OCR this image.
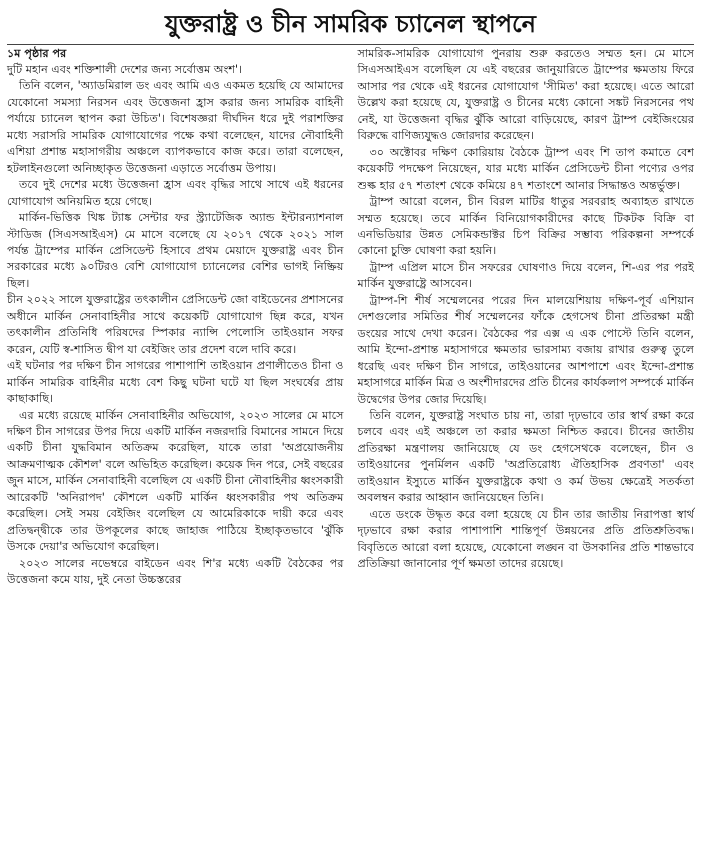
যুক্তরাষ্ট্র ও চীন সামরিক চ্যানেল স্থাপনে
১ম পৃষ্ঠার পর

দুটি মহান এবং শক্তিশালী দেশের জন্য সর্বোত্তম অংশ'।

তিনি বলেন, 'অ্যাডমিরাল ডং এবং আমি এও একমত হয়েছি যে আমাদের যেকোনো সমস্যা নিরসন এবং উত্তেজনা হ্রাস করার জন্য সামরিক বাহিনী পর্যায়ে চ্যানেল স্থাপন করা উচিত'। বিশেষজ্ঞরা দীর্ঘদিন ধরে দুই পরাশক্তির মধ্যে সরাসরি সামরিক যোগাযোগের পক্ষে কথা বলেছেন, যাদের নৌবাহিনী এশিয়া প্রশান্ত মহাসাগরীয় অঞ্চলে ব্যাপকভাবে কাজ করে। তারা বলেছেন, হটলাইনগুলো অনিচ্ছাকৃত উত্তেজনা এড়াতে সর্বোত্তম উপায়।

তবে দুই দেশের মধ্যে উত্তেজনা হ্রাস এবং বৃদ্ধির সাথে সাথে এই ধরনের যোগাযোগ অনিয়মিত হয়ে গেছে।

মার্কিন-ভিত্তিক থিঙ্ক ট্যাঙ্ক সেন্টার ফর স্ট্র্যাটেজিক অ্যান্ড ইন্টারন্যাশনাল স্টাডিজ (সিএসআইএস) মে মাসে বলেছে যে ২০১৭ থেকে ২০২১ সাল পর্যন্ত ট্রাম্পের মার্কিন প্রেসিডেন্ট হিসাবে প্রথম মেয়াদে যুক্তরাষ্ট্র এবং চীন সরকারের মধ্যে ৯০টিরও বেশি যোগাযোগ চ্যানেলের বেশির ভাগই নিষ্ক্রিয় ছিল।

চীন ২০২২ সালে যুক্তরাষ্ট্রের তৎকালীন প্রেসিডেন্ট জো বাইডেনের প্রশাসনের অধীনে মার্কিন সেনাবাহিনীর সাথে কয়েকটি যোগাযোগ ছিন্ন করে, যখন তৎকালীন প্রতিনিধি পরিষদের স্পিকার ন্যান্সি পেলোসি তাইওয়ান সফর করেন, যেটি স্ব-শাসিত দ্বীপ যা বেইজিং তার প্রদেশ বলে দাবি করে।

এই ঘটনার পর দক্ষিণ চীন সাগরের পাশাপাশি তাইওয়ান প্রণালীতেও চীনা ও মার্কিন সামরিক বাহিনীর মধ্যে বেশ কিছু ঘটনা ঘটে যা ছিল সংঘর্ষের প্রায় কাছাকাছি।

এর মধ্যে রয়েছে মার্কিন সেনাবাহিনীর অভিযোগ, ২০২৩ সালের মে মাসে দক্ষিণ চীন সাগরের উপর দিয়ে একটি মার্কিন নজরদারি বিমানের সামনে দিয়ে একটি চীনা যুদ্ধবিমান অতিক্রম করেছিল, যাকে তারা 'অপ্রয়োজনীয় আক্রমণাত্মক কৌশল' বলে অভিহিত করেছিল। কয়েক দিন পরে, সেই বছরের জুন মাসে, মার্কিন সেনাবাহিনী বলেছিল যে একটি চীনা নৌবাহিনীর ধ্বংসকারী আরেকটি 'অনিরাপদ' কৌশলে একটি মার্কিন ধ্বংসকারীর পথ অতিক্রম করেছিল। সেই সময় বেইজিং বলেছিল যে আমেরিকাকে দায়ী করে এবং প্রতিদ্বন্দ্বীকে তার উপকূলের কাছে জাহাজ পাঠিয়ে ইচ্ছাকৃতভাবে 'ঝুঁকি উসকে দেয়া'র অভিযোগ করেছিল।

২০২৩ সালের নভেম্বরে বাইডেন এবং শি'র মধ্যে একটি বৈঠকের পর উত্তেজনা কমে যায়, দুই নেতা উচ্চস্তরের

সামরিক-সামরিক যোগাযোগ পুনরায় শুরু করতেও সম্মত হন। মে মাসে সিএসআইএস বলেছিল যে এই বছরের জানুয়ারিতে ট্রাম্পের ক্ষমতায় ফিরে আসার পর থেকে এই ধরনের যোগাযোগ 'সীমিত' করা হয়েছে। এতে আরো উল্লেখ করা হয়েছে যে, যুক্তরাষ্ট্র ও চীনের মধ্যে কোনো সঙ্কট নিরসনের পথ নেই, যা উত্তেজনা বৃদ্ধির ঝুঁকি আরো বাড়িয়েছে, কারণ ট্রাম্প বেইজিংয়ের বিরুদ্ধে বাণিজ্যযুদ্ধও জোরদার করেছেন।

৩০ অক্টোবর দক্ষিণ কোরিয়ায় বৈঠকে ট্রাম্প এবং শি তাপ কমাতে বেশ কয়েকটি পদক্ষেপ নিয়েছেন, যার মধ্যে মার্কিন প্রেসিডেন্ট চীনা পণ্যের ওপর শুল্ক হার ৫৭ শতাংশ থেকে কমিয়ে ৪৭ শতাংশে আনার সিদ্ধান্তও অন্তর্ভুক্ত।

ট্রাম্প আরো বলেন, চীন বিরল মাটির ধাতুর সরবরাহ অব্যাহত রাখতে সম্মত হয়েছে। তবে মার্কিন বিনিয়োগকারীদের কাছে টিকটক বিক্রি বা এনভিডিয়ার উন্নত সেমিকন্ডাক্টর চিপ বিক্রির সম্ভাব্য পরিকল্পনা সম্পর্কে কোনো চুক্তি ঘোষণা করা হয়নি।

ট্রাম্প এপ্রিল মাসে চীন সফরের ঘোষণাও দিয়ে বলেন, শি-এর পর পরই মার্কিন যুক্তরাষ্ট্রে আসবেন।

ট্রাম্প-শি শীর্ষ সম্মেলনের পরের দিন মালয়েশিয়ায় দক্ষিণ-পূর্ব এশিয়ান দেশগুলোর সমিতির শীর্ষ সম্মেলনের ফাঁকে হেগসেথ চীনা প্রতিরক্ষা মন্ত্রী ডংয়ের সাথে দেখা করেন। বৈঠকের পর এক্স এ এক পোস্টে তিনি বলেন, আমি ইন্দো-প্রশান্ত মহাসাগরে ক্ষমতার ভারসাম্য বজায় রাখার গুরুত্ব তুলে ধরেছি এবং দক্ষিণ চীন সাগরে, তাইওয়ানের আশপাশে এবং ইন্দো-প্রশান্ত মহাসাগরে মার্কিন মিত্র ও অংশীদারদের প্রতি চীনের কার্যকলাপ সম্পর্কে মার্কিন উদ্বেগের উপর জোর দিয়েছি।

তিনি বলেন, যুক্তরাষ্ট্র সংঘাত চায় না, তারা দৃঢ়ভাবে তার স্বার্থ রক্ষা করে চলবে এবং এই অঞ্চলে তা করার ক্ষমতা নিশ্চিত করবে। চীনের জাতীয় প্রতিরক্ষা মন্ত্রণালয় জানিয়েছে যে ডং হেগসেথকে বলেছেন, চীন ও তাইওয়ানের পুনর্মিলন একটি 'অপ্রতিরোধ্য ঐতিহাসিক প্রবণতা' এবং তাইওয়ান ইস্যুতে মার্কিন যুক্তরাষ্ট্রকে কথা ও কর্ম উভয় ক্ষেত্রেই সতর্কতা অবলম্বন করার আহ্বান জানিয়েছেন তিনি।

এতে ডংকে উদ্ধৃত করে বলা হয়েছে যে চীন তার জাতীয় নিরাপত্তা স্বার্থ দৃঢ়ভাবে রক্ষা করার পাশাপাশি শান্তিপূর্ণ উন্নয়নের প্রতি প্রতিশ্রুতিবদ্ধ। বিবৃতিতে আরো বলা হয়েছে, যেকোনো লঙ্ঘন বা উসকানির প্রতি শান্তভাবে প্রতিক্রিয়া জানানোর পূর্ণ ক্ষমতা তাদের রয়েছে।
